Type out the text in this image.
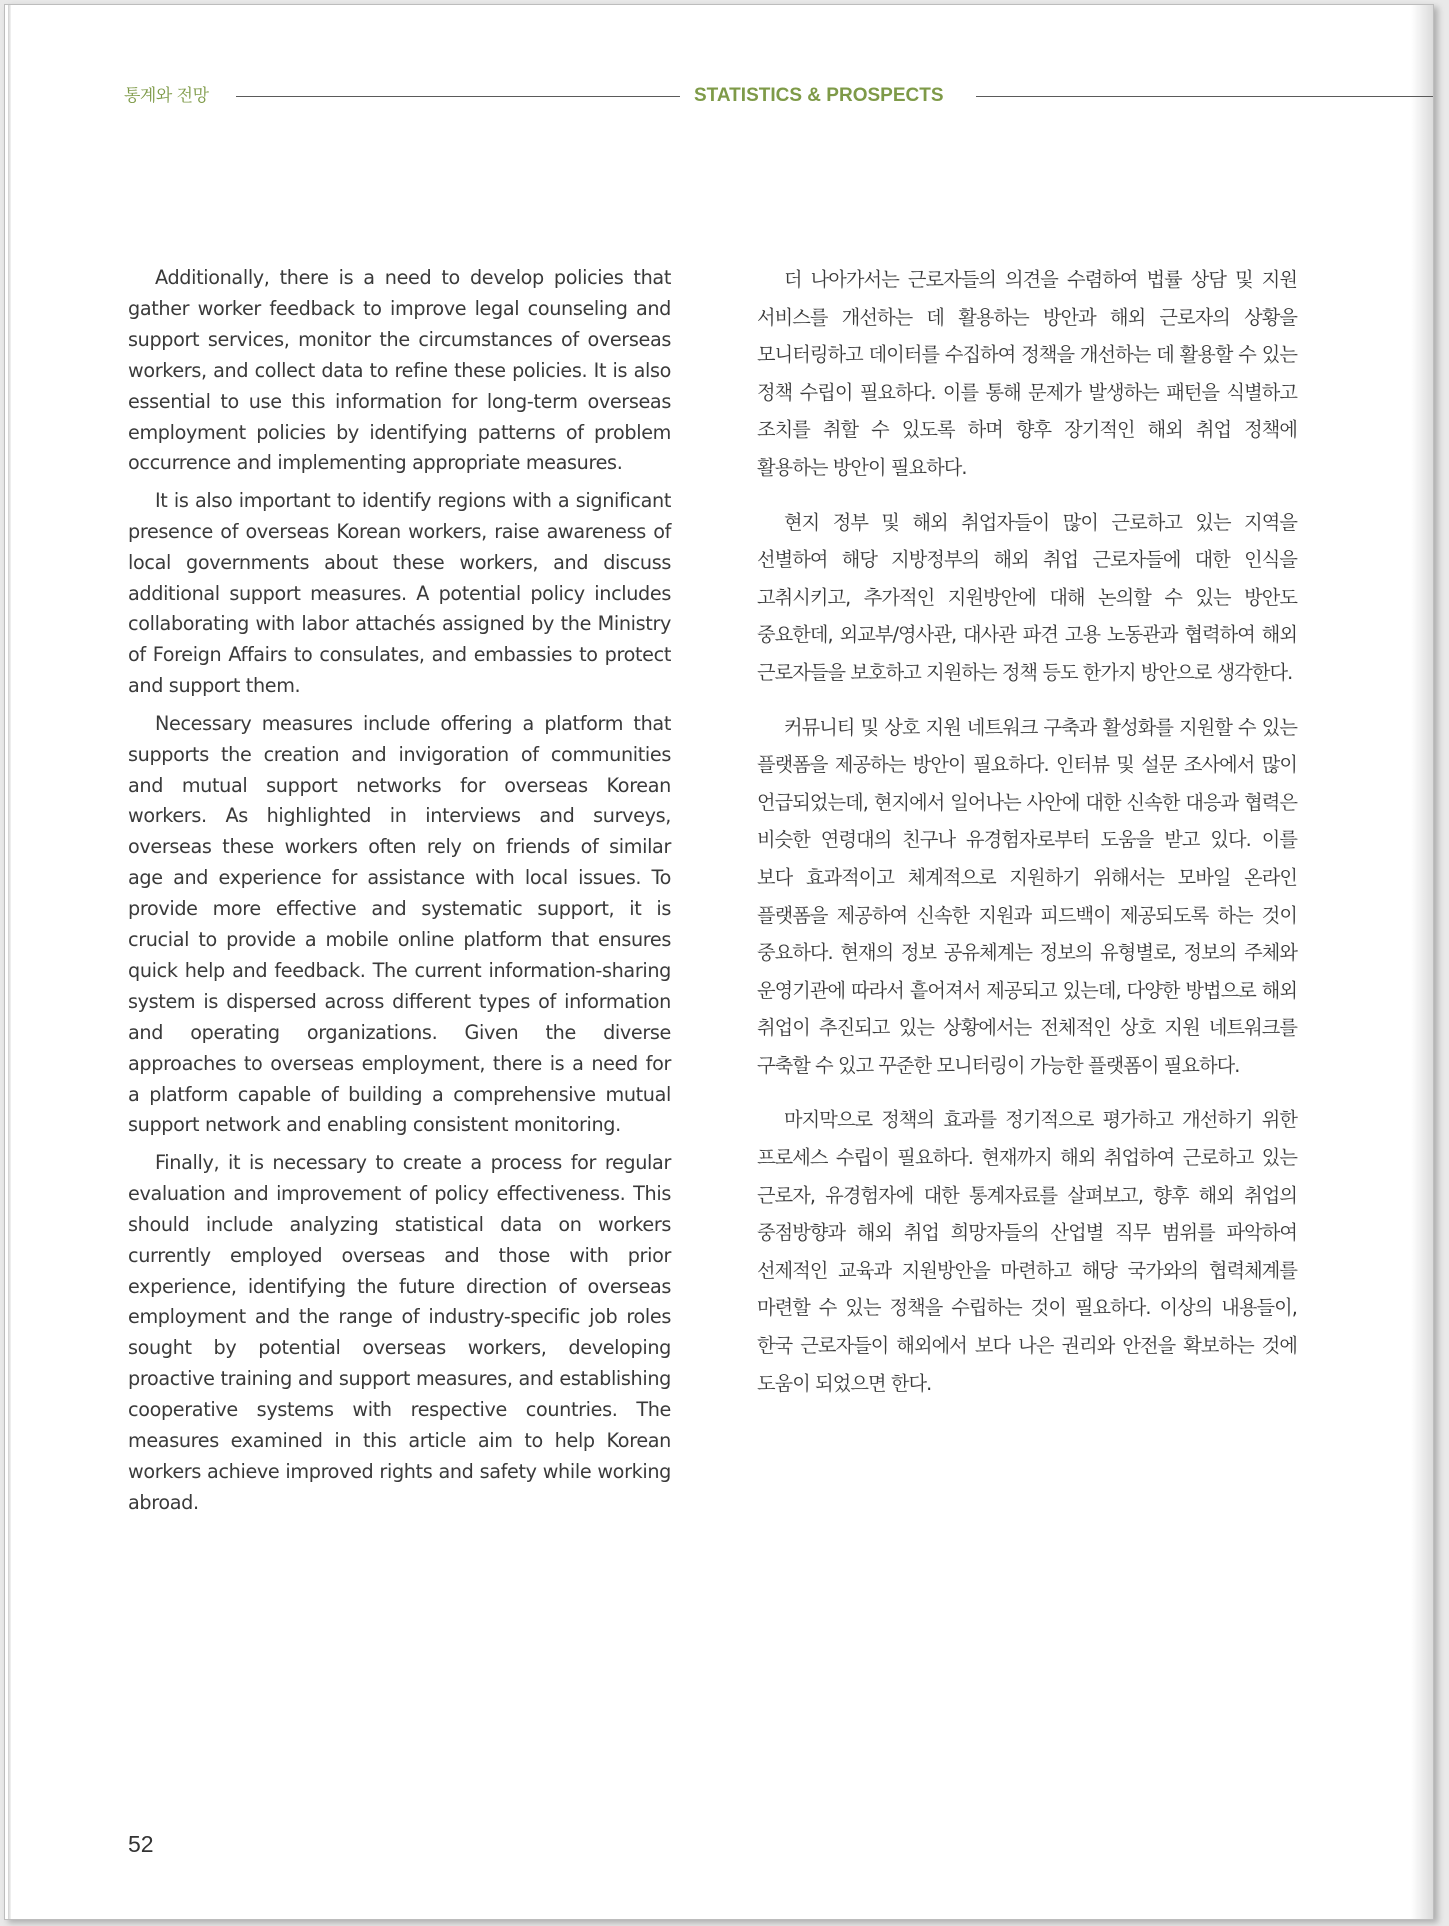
통계와 전망	STATISTICS & PROSPECTS

Additionally, there is a need to develop policies that gather worker feedback to improve legal counseling and support services, monitor the circumstances of overseas workers, and collect data to refine these policies. It is also essential to use this information for long-term overseas employment policies by identifying patterns of problem occurrence and implementing appropriate measures.

It is also important to identify regions with a significant presence of overseas Korean workers, raise awareness of local governments about these workers, and discuss additional support measures. A potential policy includes collaborating with labor attachés assigned by the Ministry of Foreign Affairs to consulates, and embassies to protect and support them.

Necessary measures include offering a platform that supports the creation and invigoration of communities and mutual support networks for overseas Korean workers. As highlighted in interviews and surveys, overseas these workers often rely on friends of similar age and experience for assistance with local issues. To provide more effective and systematic support, it is crucial to provide a mobile online platform that ensures quick help and feedback. The current information-sharing system is dispersed across different types of information and operating organizations. Given the diverse approaches to overseas employment, there is a need for a platform capable of building a comprehensive mutual support network and enabling consistent monitoring.

Finally, it is necessary to create a process for regular evaluation and improvement of policy effectiveness. This should include analyzing statistical data on workers currently employed overseas and those with prior experience, identifying the future direction of overseas employment and the range of industry-specific job roles sought by potential overseas workers, developing proactive training and support measures, and establishing cooperative systems with respective countries. The measures examined in this article aim to help Korean workers achieve improved rights and safety while working abroad.

더 나아가서는 근로자들의 의견을 수렴하여 법률 상담 및 지원 서비스를 개선하는 데 활용하는 방안과 해외 근로자의 상황을 모니터링하고 데이터를 수집하여 정책을 개선하는 데 활용할 수 있는 정책 수립이 필요하다. 이를 통해 문제가 발생하는 패턴을 식별하고 조치를 취할 수 있도록 하며 향후 장기적인 해외 취업 정책에 활용하는 방안이 필요하다.

현지 정부 및 해외 취업자들이 많이 근로하고 있는 지역을 선별하여 해당 지방정부의 해외 취업 근로자들에 대한 인식을 고취시키고, 추가적인 지원방안에 대해 논의할 수 있는 방안도 중요한데, 외교부/영사관, 대사관 파견 고용 노동관과 협력하여 해외 근로자들을 보호하고 지원하는 정책 등도 한가지 방안으로 생각한다.

커뮤니티 및 상호 지원 네트워크 구축과 활성화를 지원할 수 있는 플랫폼을 제공하는 방안이 필요하다. 인터뷰 및 설문 조사에서 많이 언급되었는데, 현지에서 일어나는 사안에 대한 신속한 대응과 협력은 비슷한 연령대의 친구나 유경험자로부터 도움을 받고 있다. 이를 보다 효과적이고 체계적으로 지원하기 위해서는 모바일 온라인 플랫폼을 제공하여 신속한 지원과 피드백이 제공되도록 하는 것이 중요하다. 현재의 정보 공유체계는 정보의 유형별로, 정보의 주체와 운영기관에 따라서 흩어져서 제공되고 있는데, 다양한 방법으로 해외 취업이 추진되고 있는 상황에서는 전체적인 상호 지원 네트워크를 구축할 수 있고 꾸준한 모니터링이 가능한 플랫폼이 필요하다.

마지막으로 정책의 효과를 정기적으로 평가하고 개선하기 위한 프로세스 수립이 필요하다. 현재까지 해외 취업하여 근로하고 있는 근로자, 유경험자에 대한 통계자료를 살펴보고, 향후 해외 취업의 중점방향과 해외 취업 희망자들의 산업별 직무 범위를 파악하여 선제적인 교육과 지원방안을 마련하고 해당 국가와의 협력체계를 마련할 수 있는 정책을 수립하는 것이 필요하다. 이상의 내용들이, 한국 근로자들이 해외에서 보다 나은 권리와 안전을 확보하는 것에 도움이 되었으면 한다.

52
